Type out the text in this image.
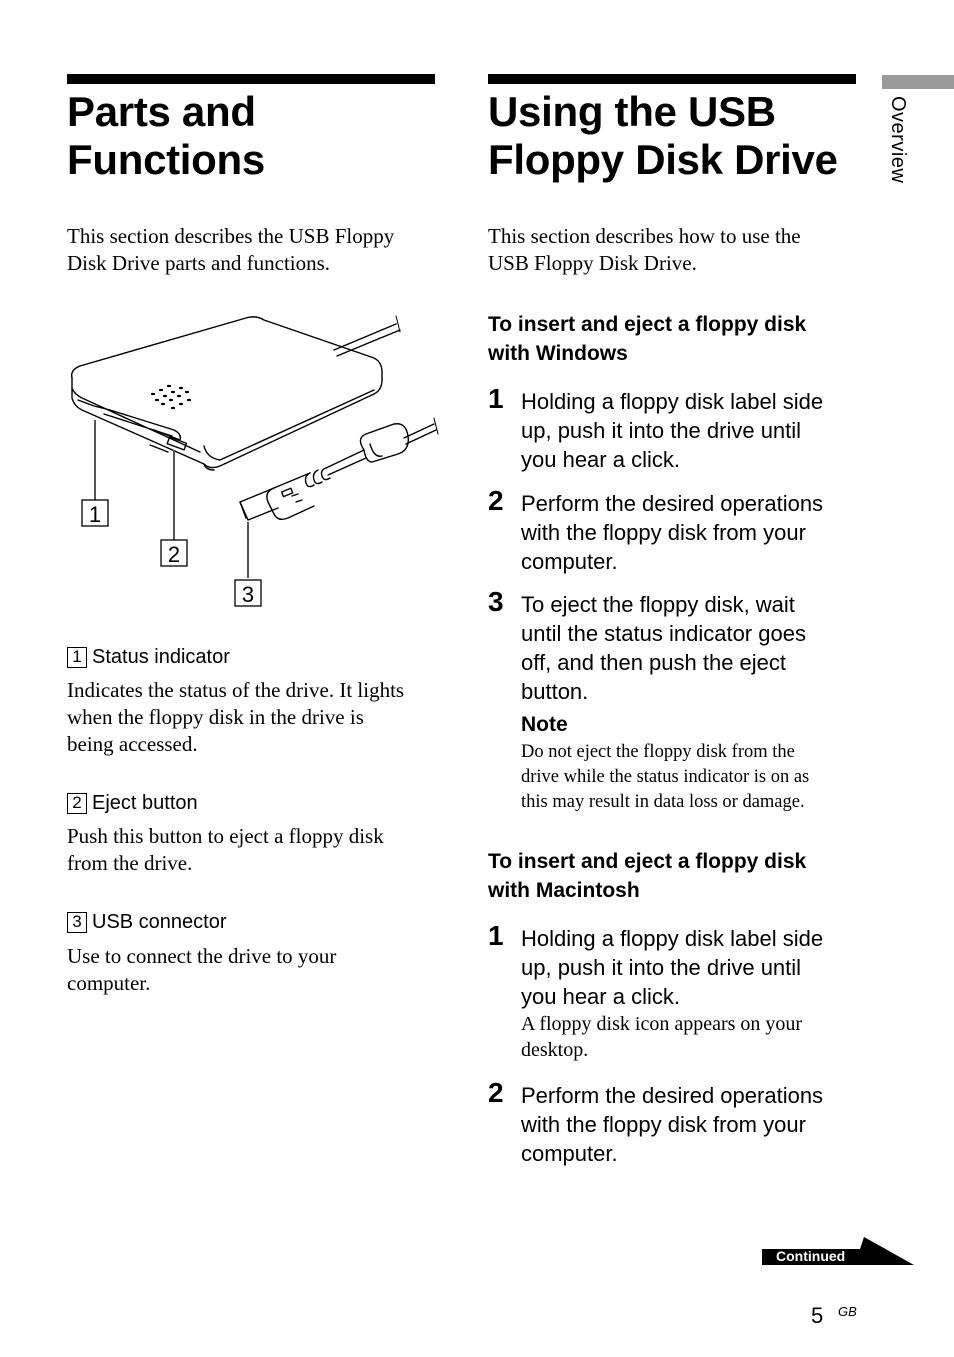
Overview
Parts and
Functions

This section describes the USB Floppy
Disk Drive parts and functions.

1
2
3
1 Status indicator

Indicates the status of the drive. It lights
when the floppy disk in the drive is
being accessed.

2 Eject button

Push this button to eject a floppy disk
from the drive.

3 USB connector

Use to connect the drive to your
computer.

Using the USB
Floppy Disk Drive

This section describes how to use the
USB Floppy Disk Drive.

To insert and eject a floppy disk
with Windows

1 Holding a floppy disk label side
up, push it into the drive until
you hear a click.
2 Perform the desired operations
with the floppy disk from your
computer.
3 To eject the floppy disk, wait
until the status indicator goes
off, and then push the eject
button.
Note
Do not eject the floppy disk from the
drive while the status indicator is on as
this may result in data loss or damage.

To insert and eject a floppy disk
with Macintosh

1 Holding a floppy disk label side
up, push it into the drive until
you hear a click.
A floppy disk icon appears on your
desktop.
2 Perform the desired operations
with the floppy disk from your
computer.
Continued
5 GB
